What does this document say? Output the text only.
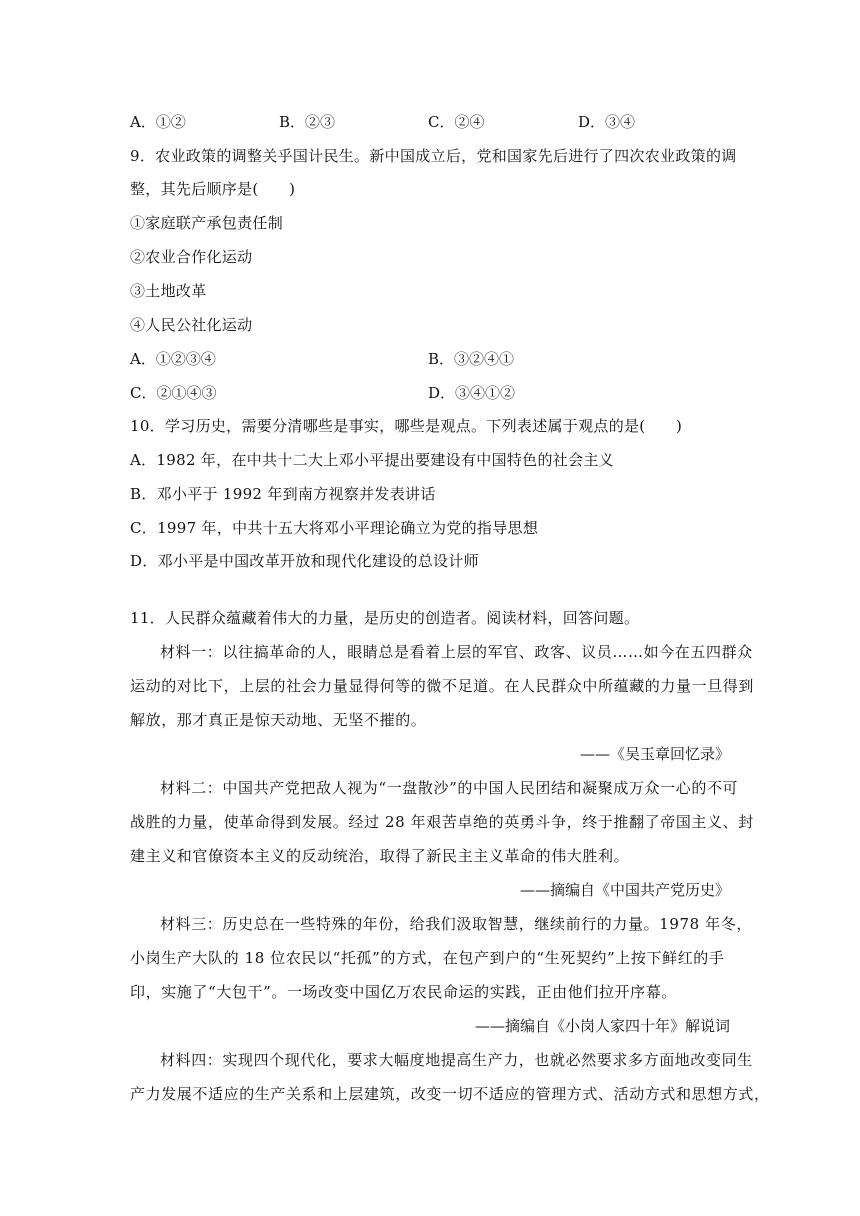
A．①②	B．②③	C．②④	D．③④
9．农业政策的调整关乎国计民生。新中国成立后，党和国家先后进行了四次农业政策的调
整，其先后顺序是(　　)
①家庭联产承包责任制
②农业合作化运动
③土地改革
④人民公社化运动
A．①②③④	B．③②④①
C．②①④③	D．③④①②
10．学习历史，需要分清哪些是事实，哪些是观点。下列表述属于观点的是(　　)
A．1982 年，在中共十二大上邓小平提出要建设有中国特色的社会主义
B．邓小平于 1992 年到南方视察并发表讲话
C．1997 年，中共十五大将邓小平理论确立为党的指导思想
D．邓小平是中国改革开放和现代化建设的总设计师
11．人民群众蕴藏着伟大的力量，是历史的创造者。阅读材料，回答问题。
材料一：以往搞革命的人，眼睛总是看着上层的军官、政客、议员……如今在五四群众
运动的对比下，上层的社会力量显得何等的微不足道。在人民群众中所蕴藏的力量一旦得到
解放，那才真正是惊天动地、无坚不摧的。
——《吴玉章回忆录》
材料二：中国共产党把敌人视为“一盘散沙”的中国人民团结和凝聚成万众一心的不可
战胜的力量，使革命得到发展。经过 28 年艰苦卓绝的英勇斗争，终于推翻了帝国主义、封
建主义和官僚资本主义的反动统治，取得了新民主主义革命的伟大胜利。
——摘编自《中国共产党历史》
材料三：历史总在一些特殊的年份，给我们汲取智慧，继续前行的力量。1978 年冬，
小岗生产大队的 18 位农民以“托孤”的方式，在包产到户的“生死契约”上按下鲜红的手
印，实施了“大包干”。一场改变中国亿万农民命运的实践，正由他们拉开序幕。
——摘编自《小岗人家四十年》解说词
材料四：实现四个现代化，要求大幅度地提高生产力，也就必然要求多方面地改变同生
产力发展不适应的生产关系和上层建筑，改变一切不适应的管理方式、活动方式和思想方式，
